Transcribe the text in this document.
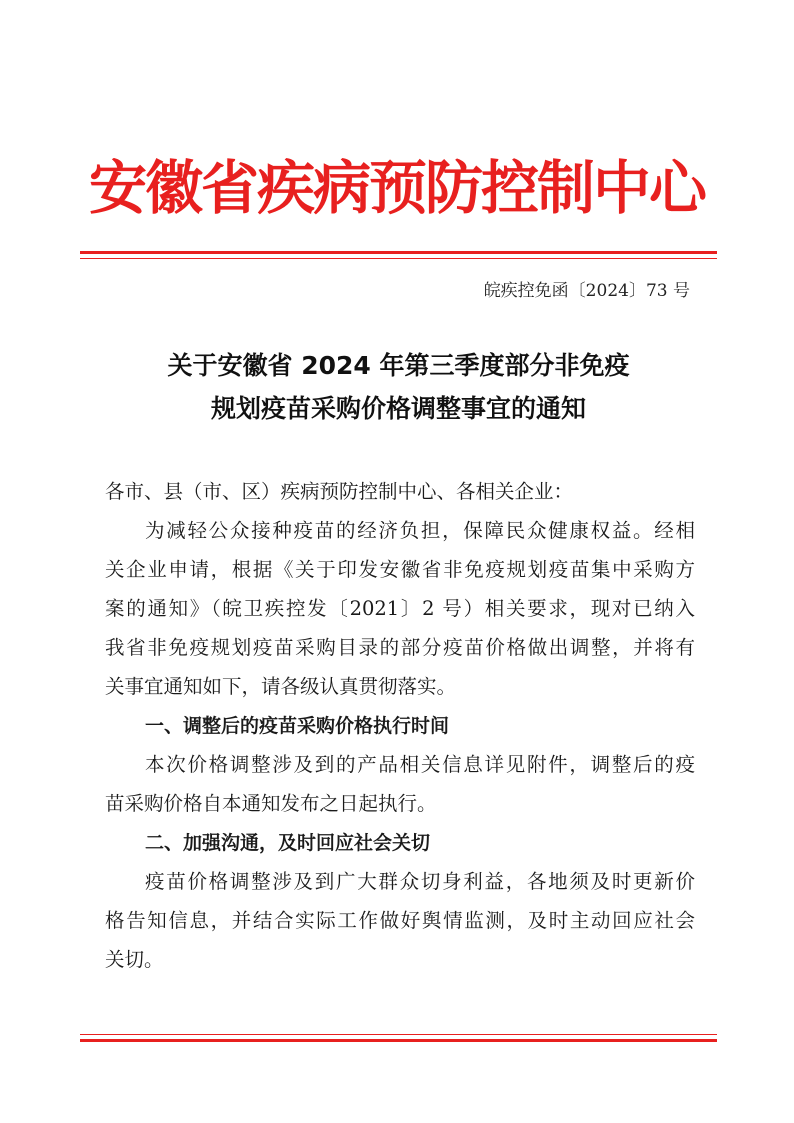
安徽省疾病预防控制中心
皖疾控免函〔2024〕73 号
关于安徽省 2024 年第三季度部分非免疫
规划疫苗采购价格调整事宜的通知
各市、县（市、区）疾病预防控制中心、各相关企业：
为减轻公众接种疫苗的经济负担，保障民众健康权益。经相
关企业申请，根据《关于印发安徽省非免疫规划疫苗集中采购方
案的通知》（皖卫疾控发〔2021〕2 号）相关要求，现对已纳入
我省非免疫规划疫苗采购目录的部分疫苗价格做出调整，并将有
关事宜通知如下，请各级认真贯彻落实。
一、调整后的疫苗采购价格执行时间
本次价格调整涉及到的产品相关信息详见附件，调整后的疫
苗采购价格自本通知发布之日起执行。
二、加强沟通，及时回应社会关切
疫苗价格调整涉及到广大群众切身利益，各地须及时更新价
格告知信息，并结合实际工作做好舆情监测，及时主动回应社会
关切。
